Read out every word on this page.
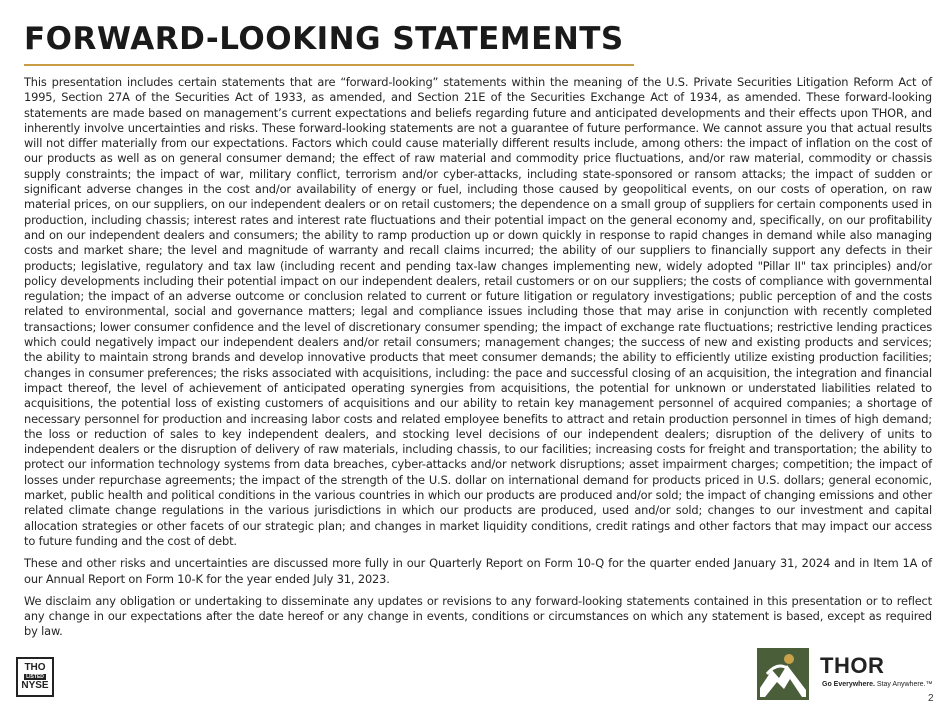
FORWARD-LOOKING STATEMENTS

This presentation includes certain statements that are “forward-looking” statements within the meaning of the U.S. Private Securities Litigation Reform Act of 1995, Section 27A of the Securities Act of 1933, as amended, and Section 21E of the Securities Exchange Act of 1934, as amended. These forward-looking statements are made based on management’s current expectations and beliefs regarding future and anticipated developments and their effects upon THOR, and inherently involve uncertainties and risks. These forward-looking statements are not a guarantee of future performance. We cannot assure you that actual results will not differ materially from our expectations. Factors which could cause materially different results include, among others: the impact of inflation on the cost of our products as well as on general consumer demand; the effect of raw material and commodity price fluctuations, and/or raw material, commodity or chassis supply constraints; the impact of war, military conflict, terrorism and/or cyber-attacks, including state-sponsored or ransom attacks; the impact of sudden or significant adverse changes in the cost and/or availability of energy or fuel, including those caused by geopolitical events, on our costs of operation, on raw material prices, on our suppliers, on our independent dealers or on retail customers; the dependence on a small group of suppliers for certain components used in production, including chassis; interest rates and interest rate fluctuations and their potential impact on the general economy and, specifically, on our profitability and on our independent dealers and consumers; the ability to ramp production up or down quickly in response to rapid changes in demand while also managing costs and market share; the level and magnitude of warranty and recall claims incurred; the ability of our suppliers to financially support any defects in their products; legislative, regulatory and tax law (including recent and pending tax-law changes implementing new, widely adopted "Pillar II" tax principles) and/or policy developments including their potential impact on our independent dealers, retail customers or on our suppliers; the costs of compliance with governmental regulation; the impact of an adverse outcome or conclusion related to current or future litigation or regulatory investigations; public perception of and the costs related to environmental, social and governance matters; legal and compliance issues including those that may arise in conjunction with recently completed transactions; lower consumer confidence and the level of discretionary consumer spending; the impact of exchange rate fluctuations; restrictive lending practices which could negatively impact our independent dealers and/or retail consumers; management changes; the success of new and existing products and services; the ability to maintain strong brands and develop innovative products that meet consumer demands; the ability to efficiently utilize existing production facilities; changes in consumer preferences; the risks associated with acquisitions, including: the pace and successful closing of an acquisition, the integration and financial impact thereof, the level of achievement of anticipated operating synergies from acquisitions, the potential for unknown or understated liabilities related to acquisitions, the potential loss of existing customers of acquisitions and our ability to retain key management personnel of acquired companies; a shortage of necessary personnel for production and increasing labor costs and related employee benefits to attract and retain production personnel in times of high demand; the loss or reduction of sales to key independent dealers, and stocking level decisions of our independent dealers; disruption of the delivery of units to independent dealers or the disruption of delivery of raw materials, including chassis, to our facilities; increasing costs for freight and transportation; the ability to protect our information technology systems from data breaches, cyber-attacks and/or network disruptions; asset impairment charges; competition; the impact of losses under repurchase agreements; the impact of the strength of the U.S. dollar on international demand for products priced in U.S. dollars; general economic, market, public health and political conditions in the various countries in which our products are produced and/or sold; the impact of changing emissions and other related climate change regulations in the various jurisdictions in which our products are produced, used and/or sold; changes to our investment and capital allocation strategies or other facets of our strategic plan; and changes in market liquidity conditions, credit ratings and other factors that may impact our access to future funding and the cost of debt.

These and other risks and uncertainties are discussed more fully in our Quarterly Report on Form 10-Q for the quarter ended January 31, 2024 and in Item 1A of our Annual Report on Form 10-K for the year ended July 31, 2023.

We disclaim any obligation or undertaking to disseminate any updates or revisions to any forward-looking statements contained in this presentation or to reflect any change in our expectations after the date hereof or any change in events, conditions or circumstances on which any statement is based, except as required by law.

THO
LISTED
NYSE
THOR
Go Everywhere. Stay Anywhere.™
2
